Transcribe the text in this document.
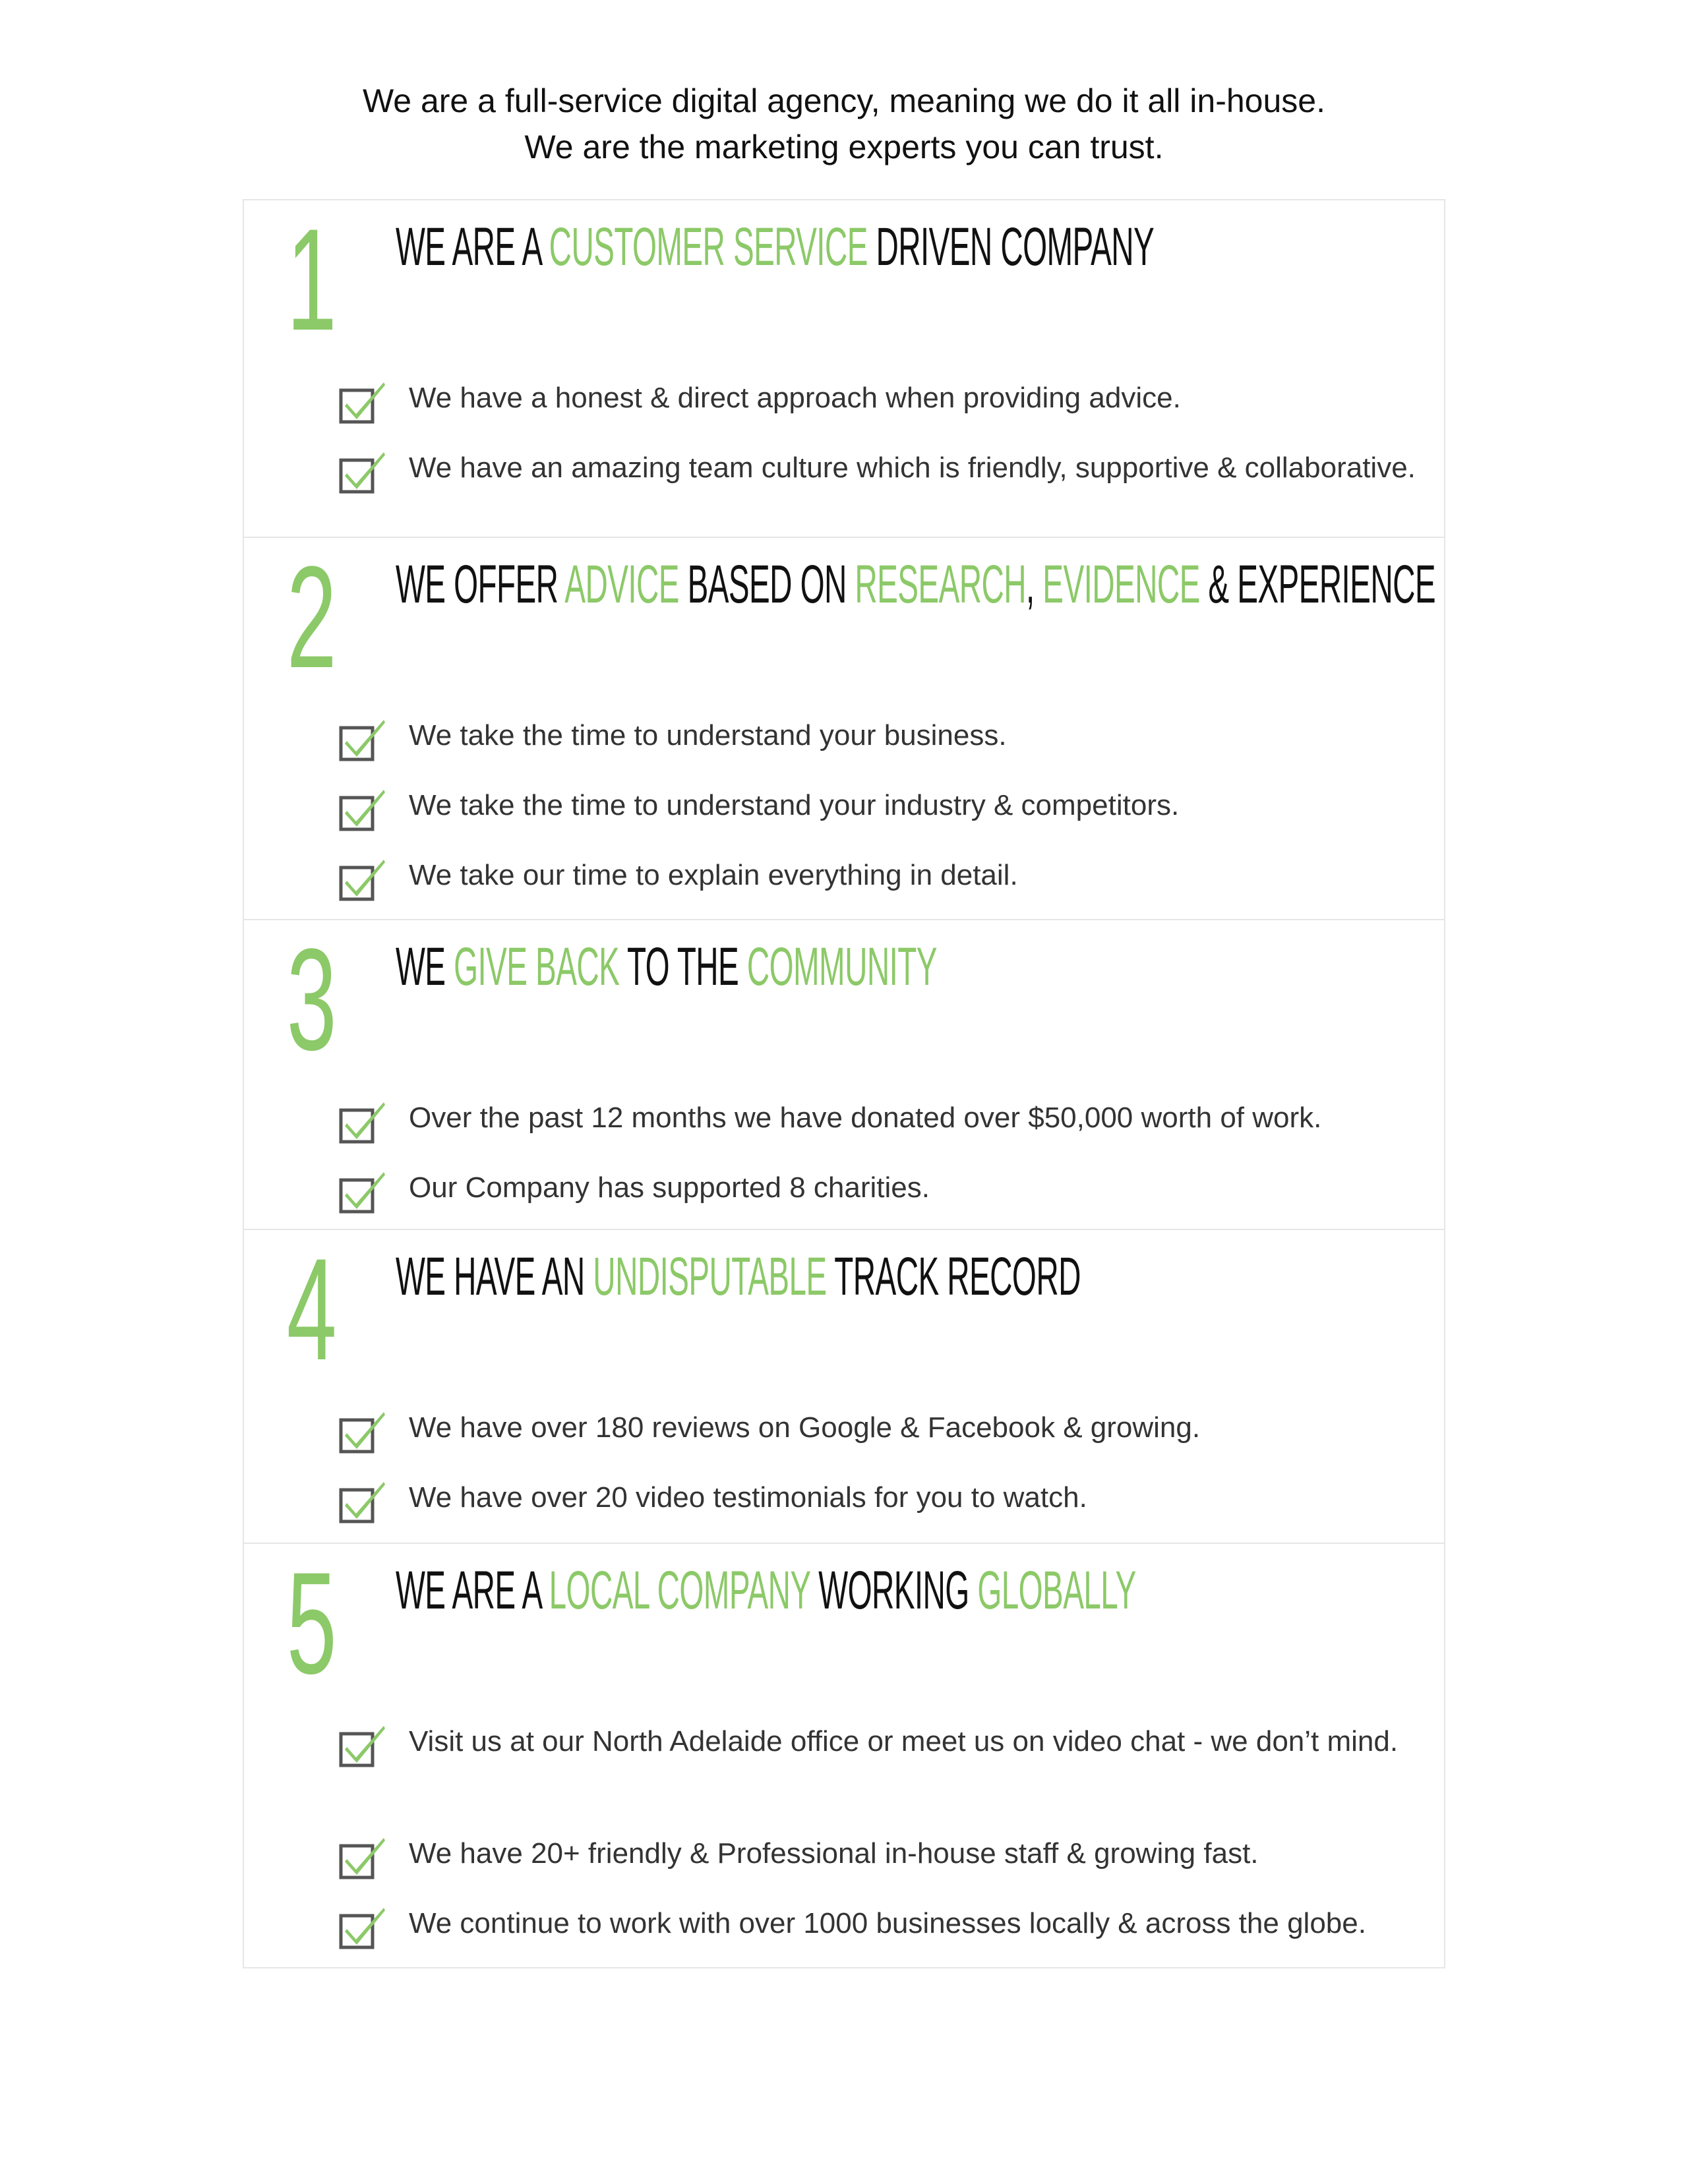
We are a full-service digital agency, meaning we do it all in-house.
We are the marketing experts you can trust.
1 WE ARE A CUSTOMER SERVICE DRIVEN COMPANY
We have a honest & direct approach when providing advice.
We have an amazing team culture which is friendly, supportive & collaborative.
2 WE OFFER ADVICE BASED ON RESEARCH, EVIDENCE & EXPERIENCE
We take the time to understand your business.
We take the time to understand your industry & competitors.
We take our time to explain everything in detail.
3 WE GIVE BACK TO THE COMMUNITY
Over the past 12 months we have donated over $50,000 worth of work.
Our Company has supported 8 charities.
4 WE HAVE AN UNDISPUTABLE TRACK RECORD
We have over 180 reviews on Google & Facebook & growing.
We have over 20 video testimonials for you to watch.
5 WE ARE A LOCAL COMPANY WORKING GLOBALLY
Visit us at our North Adelaide office or meet us on video chat - we don’t mind.
We have 20+ friendly & Professional in-house staff & growing fast.
We continue to work with over 1000 businesses locally & across the globe.
